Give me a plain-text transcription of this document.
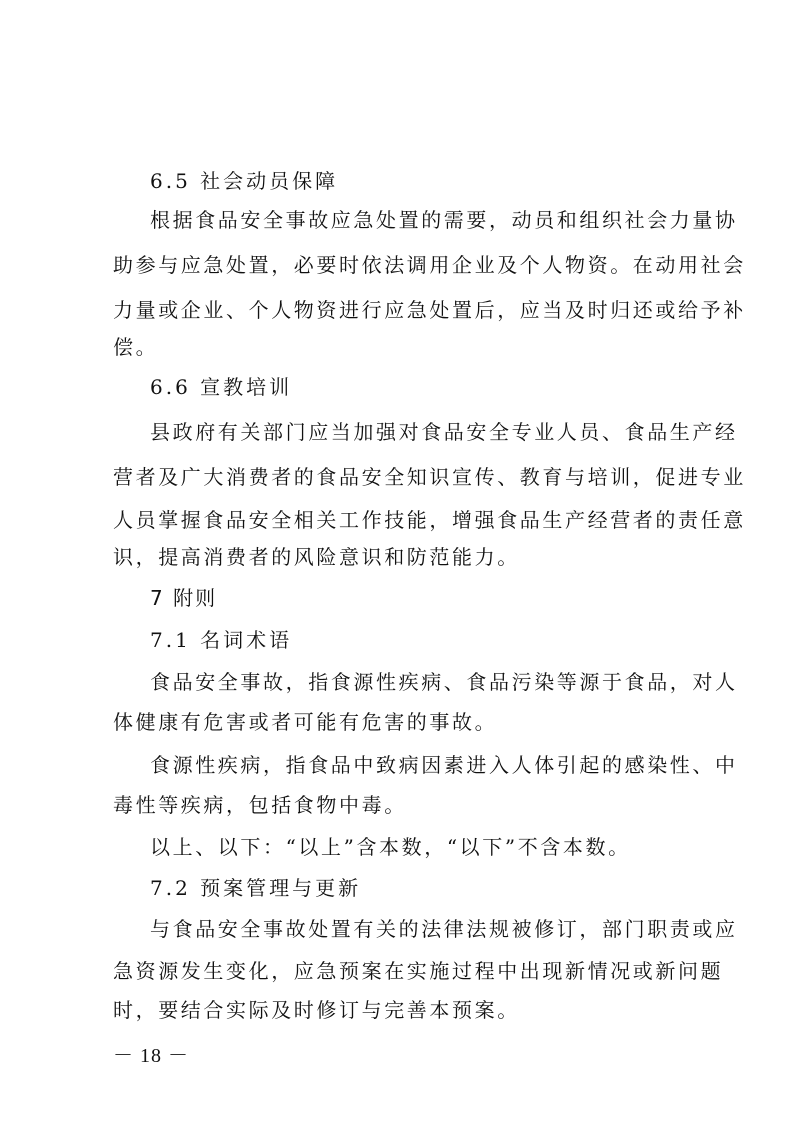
6.5 社会动员保障
根据食品安全事故应急处置的需要，动员和组织社会力量协
助参与应急处置，必要时依法调用企业及个人物资。在动用社会
力量或企业、个人物资进行应急处置后，应当及时归还或给予补
偿。
6.6 宣教培训
县政府有关部门应当加强对食品安全专业人员、食品生产经
营者及广大消费者的食品安全知识宣传、教育与培训，促进专业
人员掌握食品安全相关工作技能，增强食品生产经营者的责任意
识，提高消费者的风险意识和防范能力。
7 附则
7.1 名词术语
食品安全事故，指食源性疾病、食品污染等源于食品，对人
体健康有危害或者可能有危害的事故。
食源性疾病，指食品中致病因素进入人体引起的感染性、中
毒性等疾病，包括食物中毒。
以上、以下：“以上”含本数，“以下”不含本数。
7.2 预案管理与更新
与食品安全事故处置有关的法律法规被修订，部门职责或应
急资源发生变化，应急预案在实施过程中出现新情况或新问题
时，要结合实际及时修订与完善本预案。
－ 18 －
